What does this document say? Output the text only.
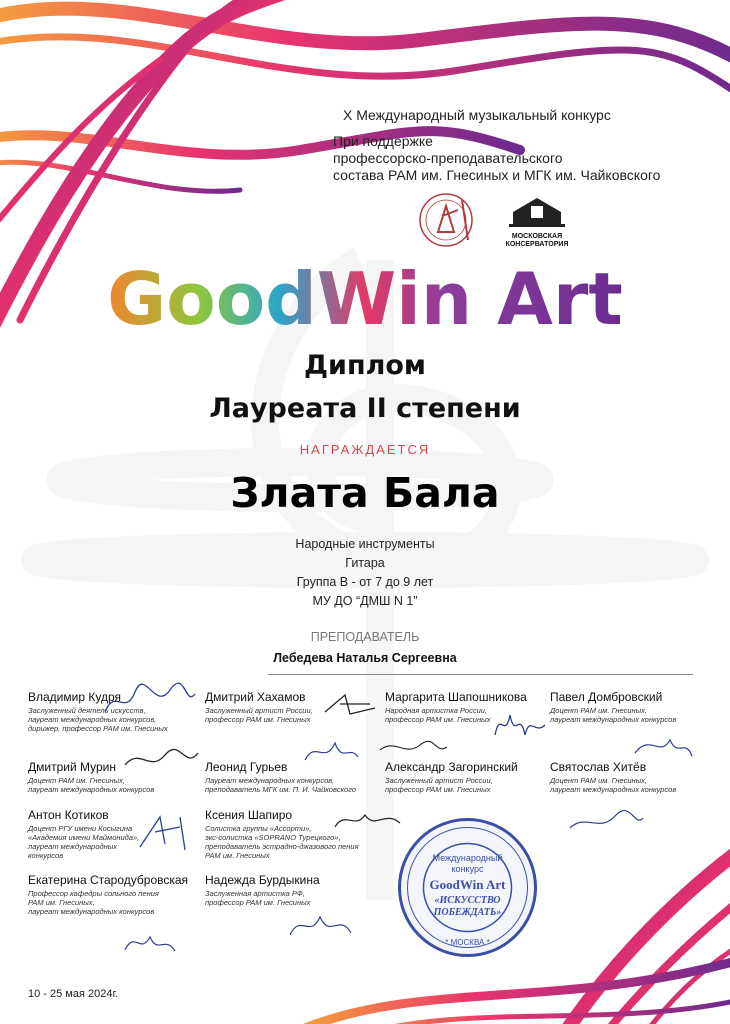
X Международный музыкальный конкурс
При поддержке
профессорско-преподавательского
состава РАМ им. Гнесиных и МГК им. Чайковского
МОСКОВСКАЯ
КОНСЕРВАТОРИЯ
GoodWin Art
Диплом
Лауреата II степени
НАГРАЖДАЕТСЯ
Злата Бала
Народные инструменты
Гитара
Группа B - от 7 до 9 лет
МУ ДО “ДМШ N 1”
ПРЕПОДАВАТЕЛЬ
Лебедева Наталья Сергеевна
Владимир Кудря
Заслуженный деятель искусств,
лауреат международных конкурсов,
дирижер, профессор РАМ им. Гнесиных
Дмитрий Хахамов
Заслуженный артист России,
профессор РАМ им. Гнесиных
Маргарита Шапошникова
Народная артистка России,
профессор РАМ им. Гнесиных
Павел Домбровский
Доцент РАМ им. Гнесиных,
лауреат международных конкурсов
Дмитрий Мурин
Доцент РАМ им. Гнесиных,
лауреат международных конкурсов
Леонид Гурьев
Лауреат международных конкурсов,
преподаватель МГК им. П. И. Чайковского
Александр Загоринский
Заслуженный артист России,
профессор РАМ им. Гнесиных
Святослав Хитёв
Доцент РАМ им. Гнесиных,
лауреат международных конкурсов
Антон Котиков
Доцент РГУ имени Косыгина
«Академия имени Маймонида»,
лауреат международных
конкурсов
Ксения Шапиро
Солистка группы «Ассорти»,
экс-солистка «SOPRANO Турецкого»,
преподаватель эстрадно-джазового пения
РАМ им. Гнесиных
Екатерина Стародубровская
Профессор кафедры сольного пения
РАМ им. Гнесиных,
лауреат международных конкурсов
Надежда Бурдыкина
Заслуженная артистка РФ,
профессор РАМ им. Гнесиных
Международный
конкурс
GoodWin Art
«ИСКУССТВО
ПОБЕЖДАТЬ»
* МОСКВА *
10 - 25 мая 2024г.
